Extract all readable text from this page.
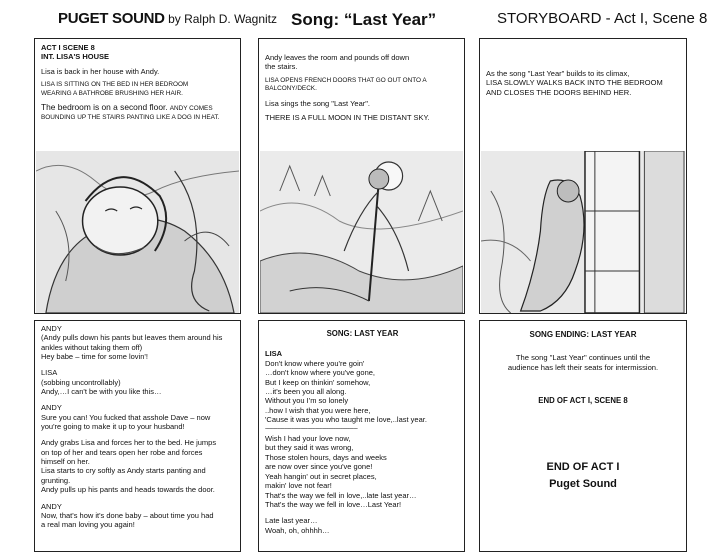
PUGET SOUND by Ralph D. Wagnitz Song: “Last Year”	STORYBOARD - Act I, Scene 8

ACT I SCENE 8

INT. LISA'S HOUSE

Lisa is back in her house with Andy.

LISA IS SITTING ON THE BED IN HER BEDROOM

WEARING A BATHROBE BRUSHING HER HAIR.

The bedroom is on a second floor. ANDY COMES

BOUNDING UP THE STAIRS PANTING LIKE A DOG IN HEAT.

Andy leaves the room and pounds off down

the stairs.

LISA OPENS FRENCH DOORS THAT GO OUT ONTO A

BALCONY/DECK.

Lisa sings the song "Last Year".

THERE IS A FULL MOON IN THE DISTANT SKY.

As the song "Last Year" builds to its climax,

LISA SLOWLY WALKS BACK INTO THE BEDROOM

AND CLOSES THE DOORS BEHIND HER.

ANDY

(Andy pulls down his pants but leaves them around his

ankles without taking them off)

Hey babe – time for some lovin'!

LISA

(sobbing uncontrollably)

Andy,…I can't be with you like this…

ANDY

Sure you can! You fucked that asshole Dave – now

you're going to make it up to your husband!

Andy grabs Lisa and forces her to the bed. He jumps

on top of her and tears open her robe and forces

himself on her.

Lisa starts to cry softly as Andy starts panting and

grunting.

Andy pulls up his pants and heads towards the door.

ANDY

Now, that's how it's done baby – about time you had

a real man loving you again!

SONG: LAST YEAR

LISA

Don't know where you're goin'

…don't know where you've gone,

But I keep on thinkin' somehow,

…it's been you all along.

Without you I'm so lonely

..how I wish that you were here,

'Cause it was you who taught me love,..last year.

------------------------------------------------------------------

Wish I had your love now,

but they said it was wrong,

Those stolen hours, days and weeks

are now over since you've gone!

Yeah hangin' out in secret places,

makin' love not fear!

That's the way we fell in love,..late last year…

That's the way we fell in love…Last Year!

Late last year…

Woah, oh, ohhhh…

SONG ENDING: LAST YEAR

The song "Last Year" continues until the

audience has left their seats for intermission.

END OF ACT I, SCENE 8

END OF ACT I

Puget Sound
